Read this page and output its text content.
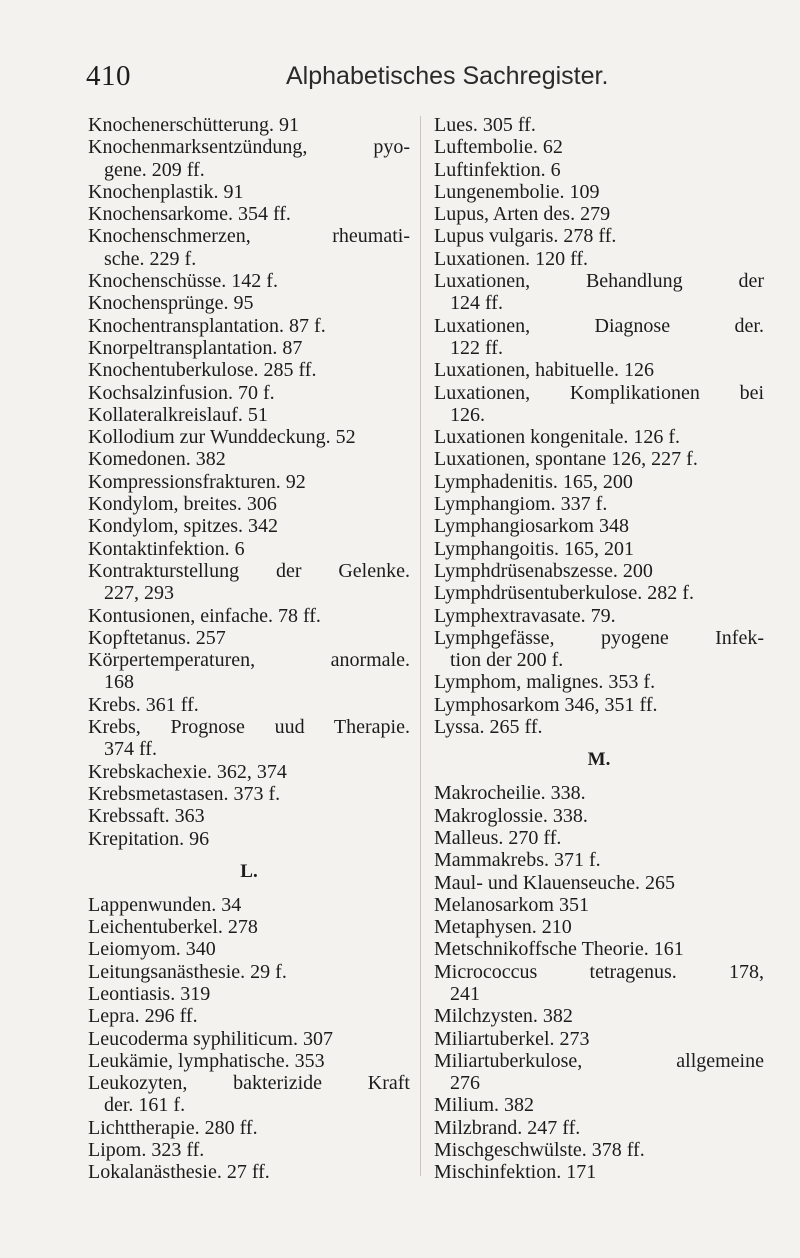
410	Alphabetisches Sachregister.
Knochenerschütterung. 91
Knochenmarksentzündung, pyo-
gene. 209 ff.
Knochenplastik. 91
Knochensarkome. 354 ff.
Knochenschmerzen, rheumati-
sche. 229 f.
Knochenschüsse. 142 f.
Knochensprünge. 95
Knochentransplantation. 87 f.
Knorpeltransplantation. 87
Knochentuberkulose. 285 ff.
Kochsalzinfusion. 70 f.
Kollateralkreislauf. 51
Kollodium zur Wunddeckung. 52
Komedonen. 382
Kompressionsfrakturen. 92
Kondylom, breites. 306
Kondylom, spitzes. 342
Kontaktinfektion. 6
Kontrakturstellung der Gelenke.
227, 293
Kontusionen, einfache. 78 ff.
Kopftetanus. 257
Körpertemperaturen, anormale.
168
Krebs. 361 ff.
Krebs, Prognose uud Therapie.
374 ff.
Krebskachexie. 362, 374
Krebsmetastasen. 373 f.
Krebssaft. 363
Krepitation. 96
L.
Lappenwunden. 34
Leichentuberkel. 278
Leiomyom. 340
Leitungsanästhesie. 29 f.
Leontiasis. 319
Lepra. 296 ff.
Leucoderma syphiliticum. 307
Leukämie, lymphatische. 353
Leukozyten, bakterizide Kraft
der. 161 f.
Lichttherapie. 280 ff.
Lipom. 323 ff.
Lokalanästhesie. 27 ff.
Lues. 305 ff.
Luftembolie. 62
Luftinfektion. 6
Lungenembolie. 109
Lupus, Arten des. 279
Lupus vulgaris. 278 ff.
Luxationen. 120 ff.
Luxationen, Behandlung der
124 ff.
Luxationen, Diagnose der.
122 ff.
Luxationen, habituelle. 126
Luxationen, Komplikationen bei
126.
Luxationen kongenitale. 126 f.
Luxationen, spontane 126, 227 f.
Lymphadenitis. 165, 200
Lymphangiom. 337 f.
Lymphangiosarkom 348
Lymphangoitis. 165, 201
Lymphdrüsenabszesse. 200
Lymphdrüsentuberkulose. 282 f.
Lymphextravasate. 79.
Lymphgefässe, pyogene Infek-
tion der 200 f.
Lymphom, malignes. 353 f.
Lymphosarkom 346, 351 ff.
Lyssa. 265 ff.
M.
Makrocheilie. 338.
Makroglossie. 338.
Malleus. 270 ff.
Mammakrebs. 371 f.
Maul- und Klauenseuche. 265
Melanosarkom 351
Metaphysen. 210
Metschnikoffsche Theorie. 161
Micrococcus tetragenus. 178,
241
Milchzysten. 382
Miliartuberkel. 273
Miliartuberkulose, allgemeine
276
Milium. 382
Milzbrand. 247 ff.
Mischgeschwülste. 378 ff.
Mischinfektion. 171
